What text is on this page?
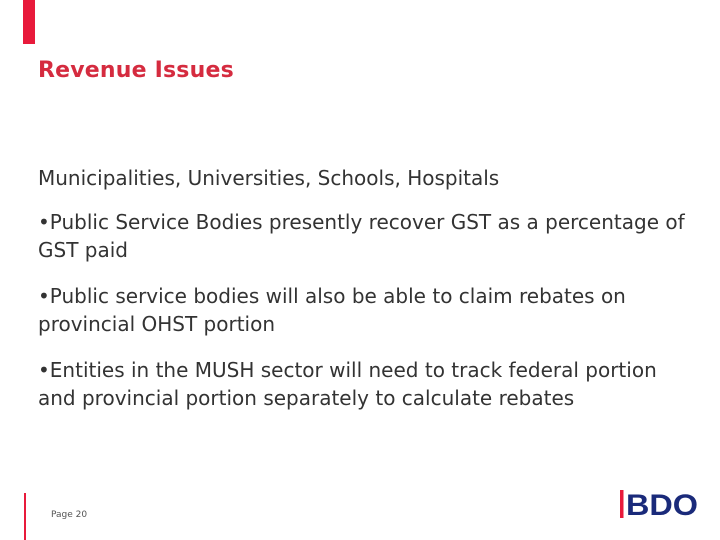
Revenue Issues

Municipalities, Universities, Schools, Hospitals

•Public Service Bodies presently recover GST as a percentage of GST paid

•Public service bodies will also be able to claim rebates on provincial OHST portion

•Entities in the MUSH sector will need to track federal portion and provincial portion separately to calculate rebates

Page 20	BDO
